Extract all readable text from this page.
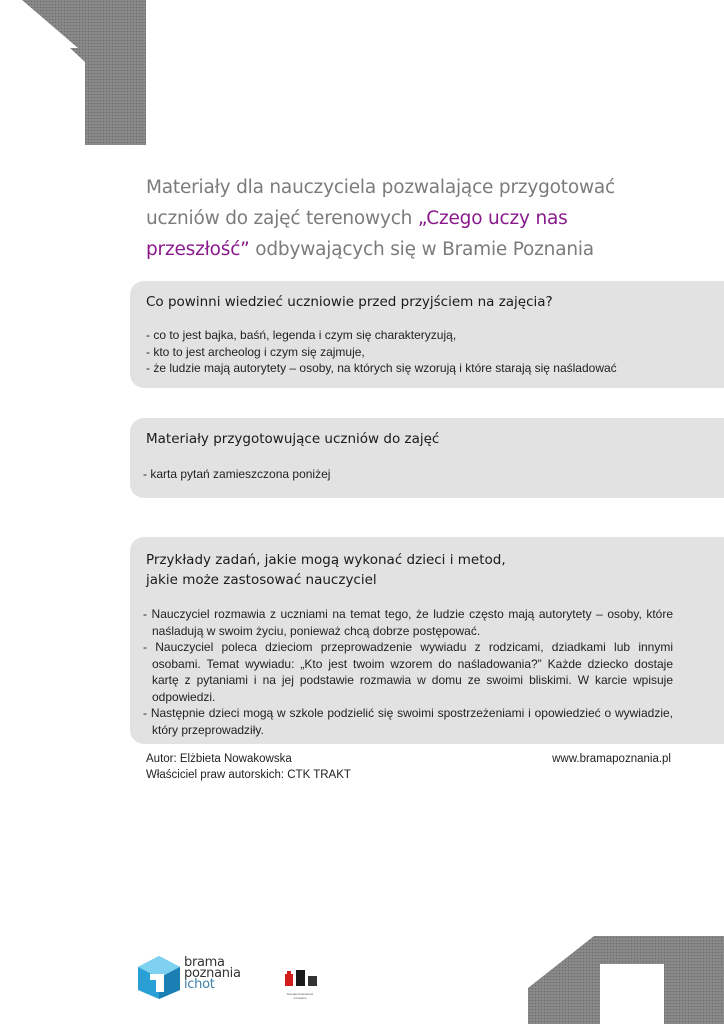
Materiały dla nauczyciela pozwalające przygotować
uczniów do zajęć terenowych „Czego uczy nas
przeszłość” odbywających się w Bramie Poznania
Co powinni wiedzieć uczniowie przed przyjściem na zajęcia?
- co to jest bajka, baśń, legenda i czym się charakteryzują,
- kto to jest archeolog i czym się zajmuje,
- że ludzie mają autorytety – osoby, na których się wzorują i które starają się naśladować
Materiały przygotowujące uczniów do zajęć
- karta pytań zamieszczona poniżej
Przykłady zadań, jakie mogą wykonać dzieci i metod,
jakie może zastosować nauczyciel
- Nauczyciel rozmawia z uczniami na temat tego, że ludzie często mają autorytety – osoby, które naśladują w swoim życiu, ponieważ chcą dobrze postępować.
- Nauczyciel poleca dzieciom przeprowadzenie wywiadu z rodzicami, dziadkami lub innymi osobami. Temat wywiadu: „Kto jest twoim wzorem do naśladowania?” Każde dziecko dostaje kartę z pytaniami i na jej podstawie rozmawia w domu ze swoimi bliskimi. W karcie wpisuje odpowiedzi.
- Następnie dzieci mogą w szkole podzielić się swoimi spostrzeżeniami i opowiedzieć o wywiadzie, który przeprowadziły.
Autor: Elżbieta Nowakowska
Właściciel praw autorskich: CTK TRAKT
www.bramapoznania.pl
brama
poznania
ichot
bramapoznaniaoraz
w książce
